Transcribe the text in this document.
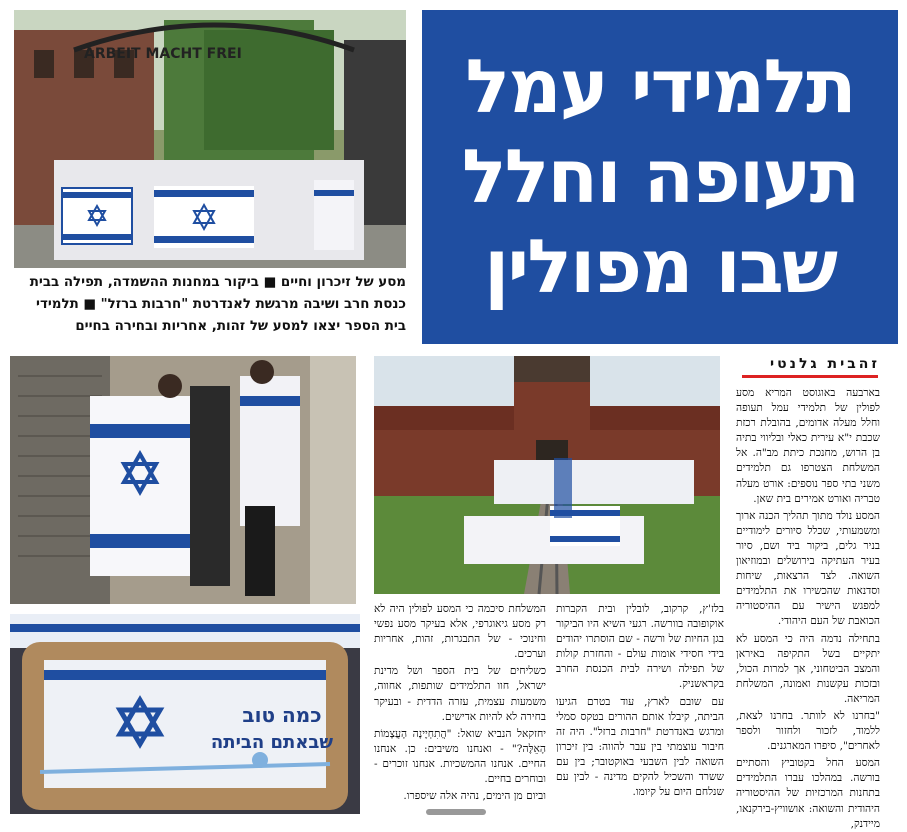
ARBEIT MACHT FREI	תלמידי עמל
תעופה וחלל
שבו מפולין
מסע של זיכרון וחיים ■ ביקור במחנות ההשמדה, תפילה בבית כנסת חרב ושיבה מרגשת לאנדרטת "חרבות ברזל" ■ תלמידי בית הספר יצאו למסע של זהות, אחריות ובחירה בחיים
כמה טוב
שבאתם הביתה
זהבית גלנטי

בארבעה באוגוסט המריא מסע לפולין של תלמידי עמל תעופה וחלל מעלה אדומים, בהובלת רכזת שכבת י"א עירית כאלי ובליווי בתיה בן הרוש, מחנכת כיתת מב"ה. אל המשלחת הצטרפו גם תלמידים משני בתי ספר נוספים: אורט מעלה טבריה ואורט אמירים בית שאן.

המסע נולד מתוך תהליך הכנה ארוך ומשמעותי, שכלל סיורים לימודיים בניר גלים, ביקור ביד ושם, סיור בעיר העתיקה בירושלים ובמוזיאון השואה. לצד הרצאות, שיחות וסדנאות שהכשירו את התלמידים למפגש הישיר עם ההיסטוריה הכואבת של העם היהודי.

בתחילה נדמה היה כי המסע לא יתקיים בשל התקיפה באיראן והמצב הביטחוני, אך למרות הכול, ובזכות עקשנות ואמונה, המשלחת המריאה.

"בחרנו לא לוותר. בחרנו לצאת, ללמוד, לזכור ולחזור ולספר לאחרים", סיפרו המארגנים.

המסע החל בקטוביץ והסתיים בורשה. במהלכו עברו התלמידים בתחנות המרכזיות של ההיסטוריה היהודית והשואה: אושוויץ-בירקנאו, מיידנק,

בלז'ץ, קרקוב, לובלין ובית הקברות אוקופובה בוורשה. רגעי השיא היו הביקור בגן החיות של ורשה - שם הוסתרו יהודים בידי חסידי אומות עולם - והחזרת קולות של תפילה ושירה לבית הכנסת החרב בקראשניק.

עם שובם לארץ, עוד בטרם הגיעו הביתה, קיבלו אותם ההורים בטקס סמלי ומרגש באנדרטת "חרבות ברזל". היה זה חיבור עוצמתי בין עבר להווה: בין זיכרון השואה לבין השבעי באוקטובר; בין עם ששרד והשכיל להקים מדינה - לבין עם שנלחם היום על קיומו.

המשלחת סיכמה כי המסע לפולין היה לא רק מסע גיאוגרפי, אלא בעיקר מסע נפשי וחינוכי - של התבגרות, זהות, אחריות וערכים.

כשליחים של בית הספר ושל מדינת ישראל, חוו התלמידים שותפות, אחווה, משמעות עצמית, עזרה הדדית - ובעיקר בחירה לא להיות אדישים.

יחזקאל הנביא שואל: "הֲתִחְיֶינָה הָעֲצָמוֹת הָאֵלֶּה?" - ואנחנו משיבים: כן. אנחנו החיים. אנחנו ההמשכיות. אנחנו זוכרים - ובוחרים בחיים.

וביום מן הימים, נהיה אלה שיספרו.
